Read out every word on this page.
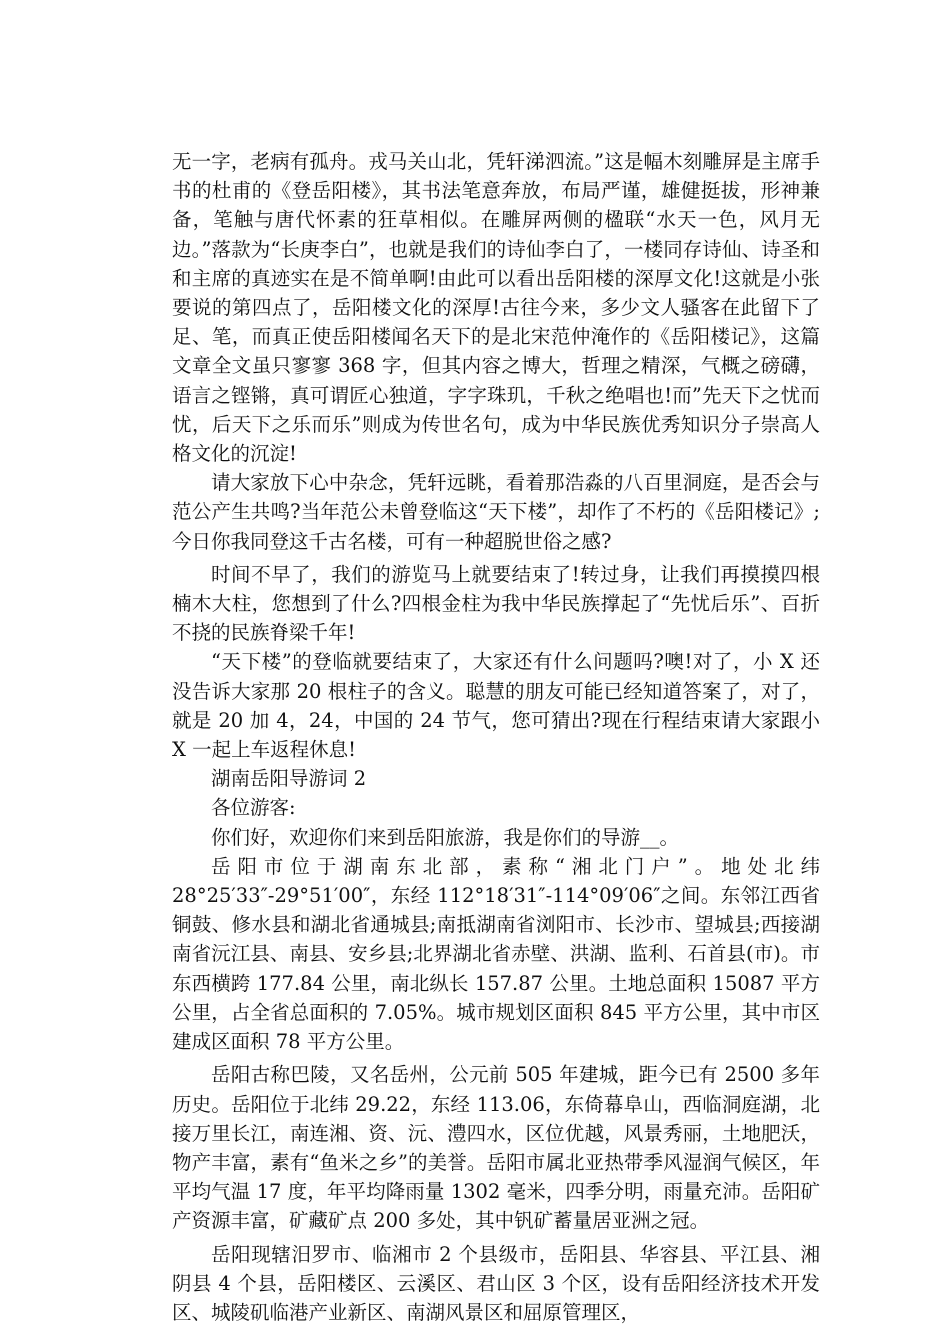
无一字，老病有孤舟。戎马关山北，凭轩涕泗流。”这是幅木刻雕屏是主席手书的杜甫的《登岳阳楼》，其书法笔意奔放，布局严谨，雄健挺拔，形神兼备，笔触与唐代怀素的狂草相似。在雕屏两侧的楹联“水天一色，风月无边。”落款为“长庚李白”，也就是我们的诗仙李白了，一楼同存诗仙、诗圣和和主席的真迹实在是不简单啊!由此可以看出岳阳楼的深厚文化!这就是小张要说的第四点了，岳阳楼文化的深厚!古往今来，多少文人骚客在此留下了足、笔，而真正使岳阳楼闻名天下的是北宋范仲淹作的《岳阳楼记》，这篇文章全文虽只寥寥 368 字，但其内容之博大，哲理之精深，气概之磅礴，语言之铿锵，真可谓匠心独道，字字珠玑，千秋之绝唱也!而”先天下之忧而忧，后天下之乐而乐”则成为传世名句，成为中华民族优秀知识分子崇高人格文化的沉淀!

请大家放下心中杂念，凭轩远眺，看着那浩淼的八百里洞庭，是否会与范公产生共鸣?当年范公未曾登临这“天下楼”，却作了不朽的《岳阳楼记》;今日你我同登这千古名楼，可有一种超脱世俗之感?

时间不早了，我们的游览马上就要结束了!转过身，让我们再摸摸四根楠木大柱，您想到了什么?四根金柱为我中华民族撑起了“先忧后乐”、百折不挠的民族脊梁千年!

“天下楼”的登临就要结束了，大家还有什么问题吗?噢!对了，小 X 还没告诉大家那 20 根柱子的含义。聪慧的朋友可能已经知道答案了，对了，就是 20 加 4，24，中国的 24 节气，您可猜出?现在行程结束请大家跟小 X 一起上车返程休息!

湖南岳阳导游词 2

各位游客:

你们好，欢迎你们来到岳阳旅游，我是你们的导游__。

岳阳市位于湖南东北部，素称“湘北门户”。地处北纬 28°25′33″-29°51′00″，东经 112°18′31″-114°09′06″之间。东邻江西省铜鼓、修水县和湖北省通城县;南抵湖南省浏阳市、长沙市、望城县;西接湖南省沅江县、南县、安乡县;北界湖北省赤壁、洪湖、监利、石首县(市)。市东西横跨 177.84 公里，南北纵长 157.87 公里。土地总面积 15087 平方公里，占全省总面积的 7.05%。城市规划区面积 845 平方公里，其中市区建成区面积 78 平方公里。

岳阳古称巴陵，又名岳州，公元前 505 年建城，距今已有 2500 多年历史。岳阳位于北纬 29.22，东经 113.06，东倚幕阜山，西临洞庭湖，北接万里长江，南连湘、资、沅、澧四水，区位优越，风景秀丽，土地肥沃，物产丰富，素有“鱼米之乡”的美誉。岳阳市属北亚热带季风湿润气候区，年平均气温 17 度，年平均降雨量 1302 毫米，四季分明，雨量充沛。岳阳矿产资源丰富，矿藏矿点 200 多处，其中钒矿蓄量居亚洲之冠。

岳阳现辖汨罗市、临湘市 2 个县级市，岳阳县、华容县、平江县、湘阴县 4 个县，岳阳楼区、云溪区、君山区 3 个区，设有岳阳经济技术开发区、城陵矶临港产业新区、南湖风景区和屈原管理区，
